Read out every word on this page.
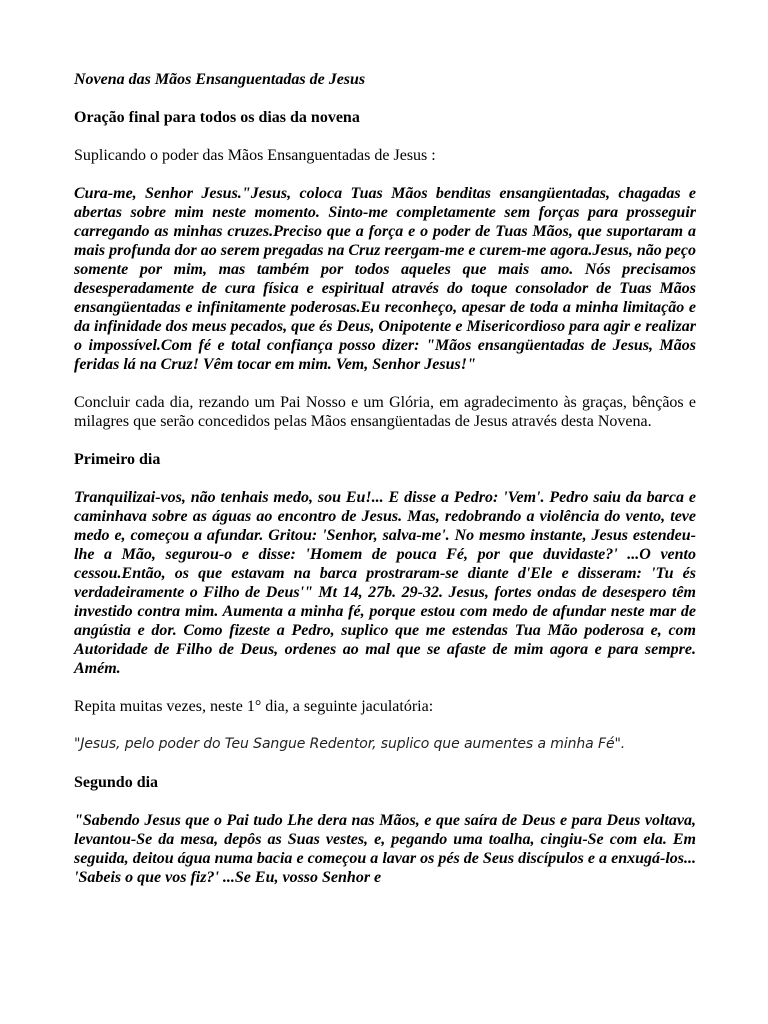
Novena das Mãos Ensanguentadas de Jesus

Oração final para todos os dias da novena

Suplicando o poder das Mãos Ensanguentadas de Jesus :

Cura-me, Senhor Jesus."Jesus, coloca Tuas Mãos benditas ensangüentadas, chagadas e abertas sobre mim neste momento. Sinto-me completamente sem forças para prosseguir carregando as minhas cruzes.Preciso que a força e o poder de Tuas Mãos, que suportaram a mais profunda dor ao serem pregadas na Cruz reergam-me e curem-me agora.Jesus, não peço somente por mim, mas também por todos aqueles que mais amo. Nós precisamos desesperadamente de cura física e espiritual através do toque consolador de Tuas Mãos ensangüentadas e infinitamente poderosas.Eu reconheço, apesar de toda a minha limitação e da infinidade dos meus pecados, que és Deus, Onipotente e Misericordioso para agir e realizar o impossível.Com fé e total confiança posso dizer: "Mãos ensangüentadas de Jesus, Mãos feridas lá na Cruz! Vêm tocar em mim. Vem, Senhor Jesus!"

Concluir cada dia, rezando um Pai Nosso e um Glória, em agradecimento às graças, bênçãos e milagres que serão concedidos pelas Mãos ensangüentadas de Jesus através desta Novena.

Primeiro dia

Tranquilizai-vos, não tenhais medo, sou Eu!... E disse a Pedro: 'Vem'. Pedro saiu da barca e caminhava sobre as águas ao encontro de Jesus. Mas, redobrando a violência do vento, teve medo e, começou a afundar. Gritou: 'Senhor, salva-me'. No mesmo instante, Jesus estendeu-lhe a Mão, segurou-o e disse: 'Homem de pouca Fé, por que duvidaste?' ...O vento cessou.Então, os que estavam na barca prostraram-se diante d'Ele e disseram: 'Tu és verdadeiramente o Filho de Deus'" Mt 14, 27b. 29-32. Jesus, fortes ondas de desespero têm investido contra mim. Aumenta a minha fé, porque estou com medo de afundar neste mar de angústia e dor. Como fizeste a Pedro, suplico que me estendas Tua Mão poderosa e, com Autoridade de Filho de Deus, ordenes ao mal que se afaste de mim agora e para sempre. Amém.

Repita muitas vezes, neste 1° dia, a seguinte jaculatória:

"Jesus, pelo poder do Teu Sangue Redentor, suplico que aumentes a minha Fé".

Segundo dia

"Sabendo Jesus que o Pai tudo Lhe dera nas Mãos, e que saíra de Deus e para Deus voltava, levantou-Se da mesa, depôs as Suas vestes, e, pegando uma toalha, cingiu-Se com ela. Em seguida, deitou água numa bacia e começou a lavar os pés de Seus discípulos e a enxugá-los... 'Sabeis o que vos fiz?' ...Se Eu, vosso Senhor e
